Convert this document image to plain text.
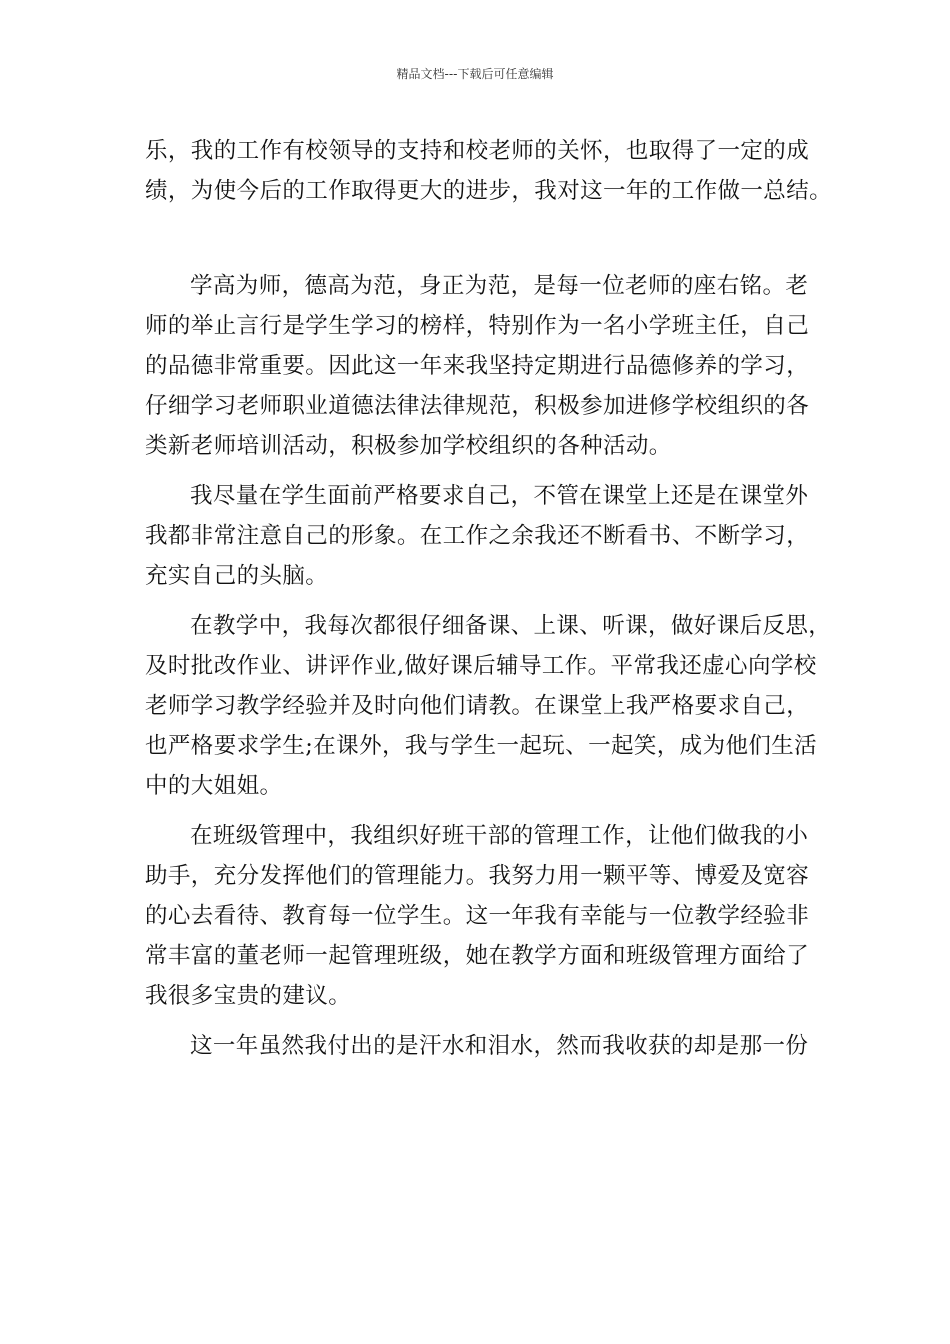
精品文档---下载后可任意编辑
乐，我的工作有校领导的支持和校老师的关怀，也取得了一定的成
绩，为使今后的工作取得更大的进步，我对这一年的工作做一总结。
学高为师，德高为范，身正为范，是每一位老师的座右铭。老
师的举止言行是学生学习的榜样，特别作为一名小学班主任，自己
的品德非常重要。因此这一年来我坚持定期进行品德修养的学习，
仔细学习老师职业道德法律法律规范，积极参加进修学校组织的各
类新老师培训活动，积极参加学校组织的各种活动。
我尽量在学生面前严格要求自己，不管在课堂上还是在课堂外
我都非常注意自己的形象。在工作之余我还不断看书、不断学习，
充实自己的头脑。
在教学中，我每次都很仔细备课、上课、听课，做好课后反思，
及时批改作业、讲评作业,做好课后辅导工作。平常我还虚心向学校
老师学习教学经验并及时向他们请教。在课堂上我严格要求自己，
也严格要求学生;在课外，我与学生一起玩、一起笑，成为他们生活
中的大姐姐。
在班级管理中，我组织好班干部的管理工作，让他们做我的小
助手，充分发挥他们的管理能力。我努力用一颗平等、博爱及宽容
的心去看待、教育每一位学生。这一年我有幸能与一位教学经验非
常丰富的董老师一起管理班级，她在教学方面和班级管理方面给了
我很多宝贵的建议。
这一年虽然我付出的是汗水和泪水，然而我收获的却是那一份
